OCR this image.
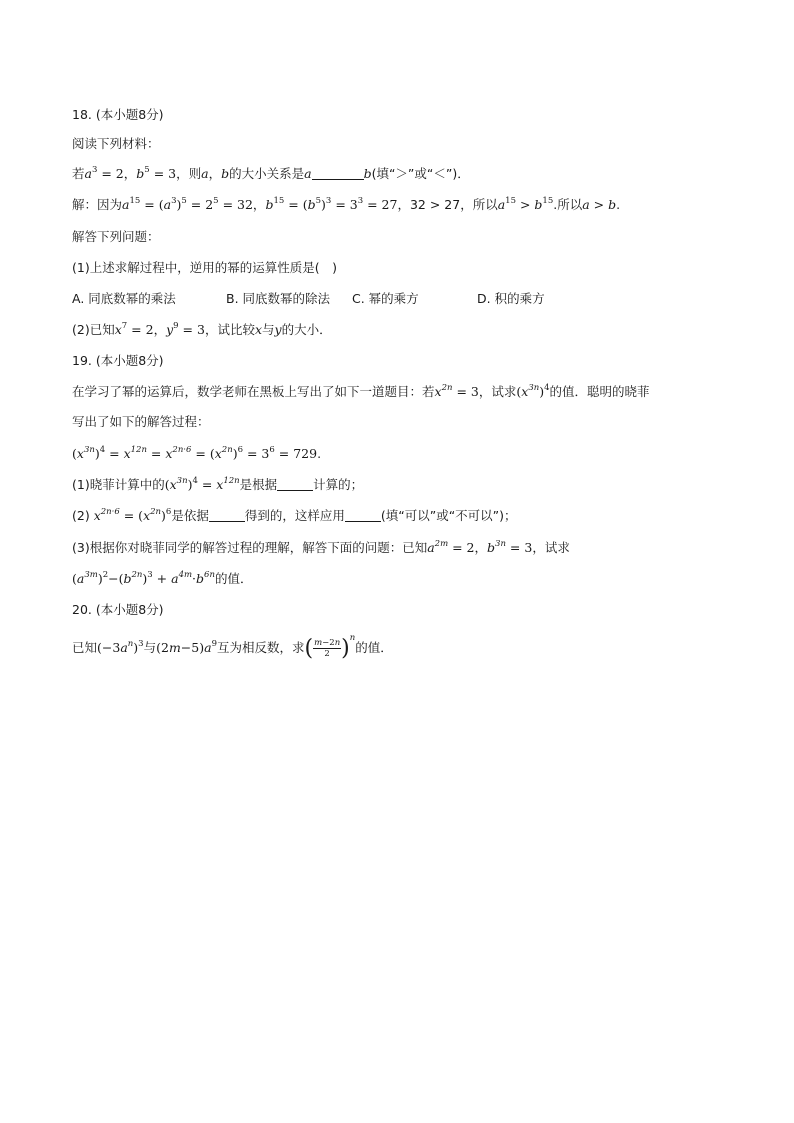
18. (本小题8分)
阅读下列材料：
若$a^3 = 2$，$b^5 = 3$，则a，b的大小关系是a	b(填“＞”或“＜”)．
解：因为$a^{15} = (a^3)^5 = 2^5 = 32$，$b^{15} = (b^5)^3 = 3^3 = 27$，32 > 27，所以$a^{15} > b^{15}$.所以a > b.
解答下列问题：
(1)上述求解过程中，逆用的幂的运算性质是(　)
A. 同底数幂的乘法	B. 同底数幂的除法 C. 幂的乘方	D. 积的乘方
(2)已知$x^7 = 2$，$y^9 = 3$，试比较x与y的大小．
19. (本小题8分)
在学习了幂的运算后，数学老师在黑板上写出了如下一道题目：若$x^{2n} = 3$，试求$(x^{3n})^4$的值．聪明的晓菲
写出了如下的解答过程：
$(x^{3n})^4 = x^{12n} = x^{2n\cdot 6} = (x^{2n})^6 = 3^6 = 729$.
(1)晓菲计算中的$(x^{3n})^4 = x^{12n}$是根据	计算的；
(2) $x^{2n\cdot 6} = (x^{2n})^6$是依据	得到的，这样应用	(填“可以”或“不可以”)；
(3)根据你对晓菲同学的解答过程的理解，解答下面的问题：已知$a^{2m} = 2$，$b^{3n} = 3$，试求
$(a^{3m})^2-(b^{2n})^3 + a^{4m}\cdot b^{6n}$的值．
20. (本小题8分)
已知$(-3a^n)^3$与$(2m-5)a^9$互为相反数，求( $\frac{m-2n}{2} )^n$的值．
